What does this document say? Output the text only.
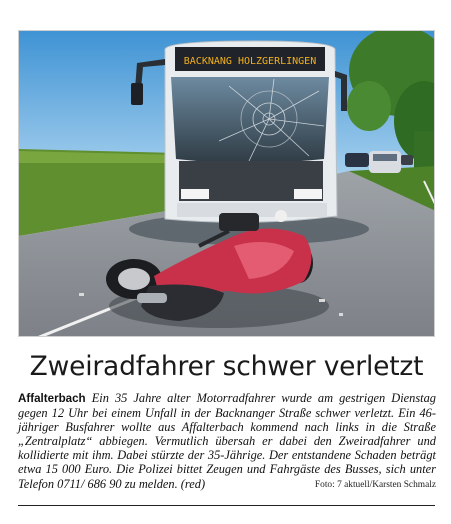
BACKNANG HOLZGERLINGEN
Zweiradfahrer schwer verletzt

Affalterbach Ein 35 Jahre alter Motorradfahrer wurde am gestrigen Dienstag gegen 12 Uhr bei einem Unfall in der Backnanger Straße schwer verletzt. Ein 46-jähriger Busfahrer wollte aus Affalterbach kommend nach links in die Straße „Zentralplatz“ abbiegen. Vermutlich übersah er dabei den Zweiradfahrer und kollidierte mit ihm. Dabei stürzte der 35-Jährige. Der entstandene Schaden beträgt etwa 15 000 Euro. Die Polizei bittet Zeugen und Fahrgäste des Busses, sich unter Telefon 0711/ 686 90 zu melden. (red)	Foto: 7 aktuell/Karsten Schmalz
